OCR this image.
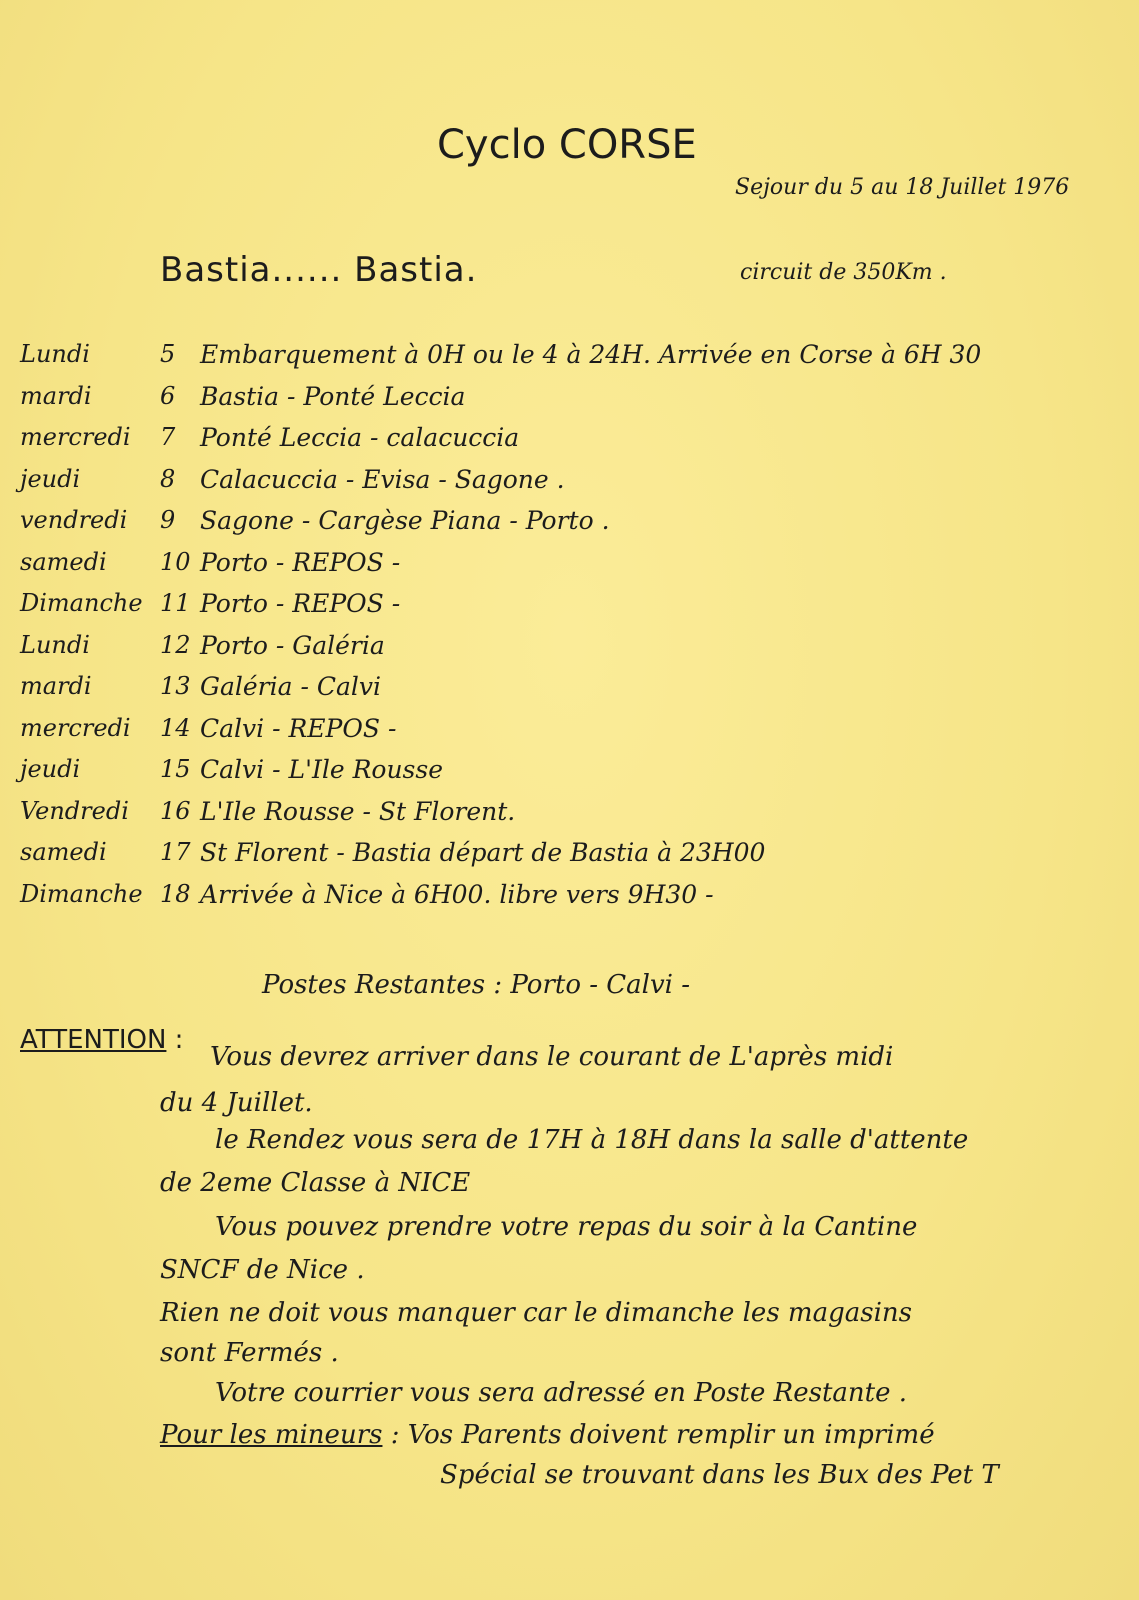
Cyclo CORSE
Sejour du 5 au 18 Juillet 1976
Bastia...... Bastia.	circuit de 350Km .
Lundi	5 Embarquement à 0H ou le 4 à 24H. Arrivée en Corse à 6H 30
mardi	6 Bastia - Ponté Leccia
mercredi 7 Ponté Leccia - calacuccia
jeudi	8 Calacuccia - Evisa - Sagone .
vendredi 9 Sagone - Cargèse Piana - Porto .
samedi 10 Porto - REPOS -
Dimanche 11 Porto - REPOS -
Lundi	12 Porto - Galéria
mardi	13 Galéria - Calvi
mercredi 14 Calvi - REPOS -
jeudi	15 Calvi - L'Ile Rousse
Vendredi 16 L'Ile Rousse - St Florent.
samedi 17 St Florent - Bastia départ de Bastia à 23H00
Dimanche 18 Arrivée à Nice à 6H00. libre vers 9H30 -
Postes Restantes : Porto - Calvi -
ATTENTION :
Vous devrez arriver dans le courant de L'après midi
du 4 Juillet.
le Rendez vous sera de 17H à 18H dans la salle d'attente
de 2eme Classe à NICE
Vous pouvez prendre votre repas du soir à la Cantine
SNCF de Nice .
Rien ne doit vous manquer car le dimanche les magasins
sont Fermés .
Votre courrier vous sera adressé en Poste Restante .
Pour les mineurs : Vos Parents doivent remplir un imprimé
Spécial se trouvant dans les Bux des Pet T
